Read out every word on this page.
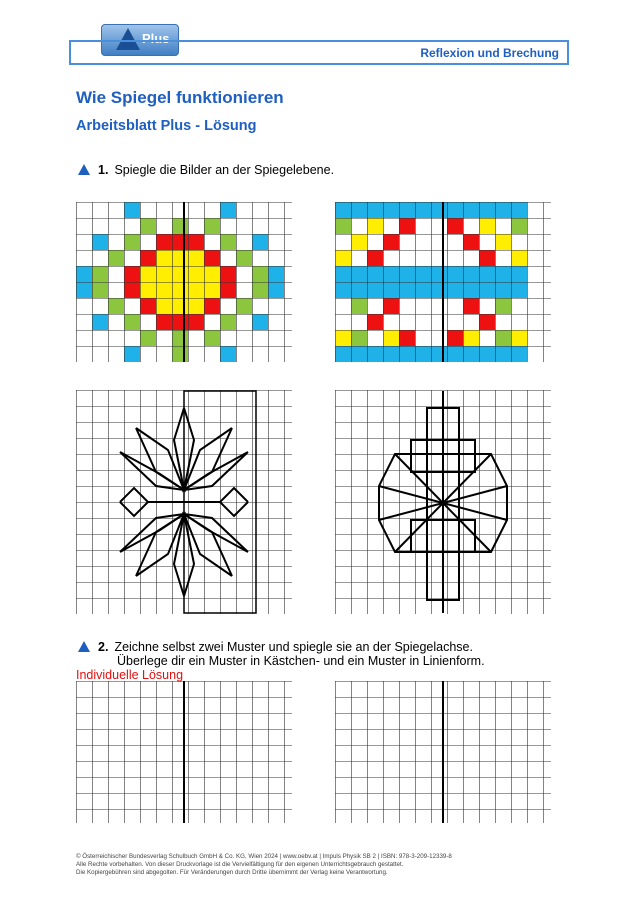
Plus
Reflexion und Brechung
Wie Spiegel funktionieren
Arbeitsblatt Plus - Lösung
1. Spiegle die Bilder an der Spiegelebene.
2. Zeichne selbst zwei Muster und spiegle sie an der Spiegelachse.
Überlege dir ein Muster in Kästchen- und ein Muster in Linienform.
Individuelle Lösung
© Österreichischer Bundesverlag Schulbuch GmbH & Co. KG, Wien 2024 | www.oebv.at | Impuls Physik SB 2 | ISBN: 978-3-209-12339-8
Alle Rechte vorbehalten. Von dieser Druckvorlage ist die Vervielfältigung für den eigenen Unterrichtsgebrauch gestattet.
Die Kopiergebühren sind abgegolten. Für Veränderungen durch Dritte übernimmt der Verlag keine Verantwortung.
